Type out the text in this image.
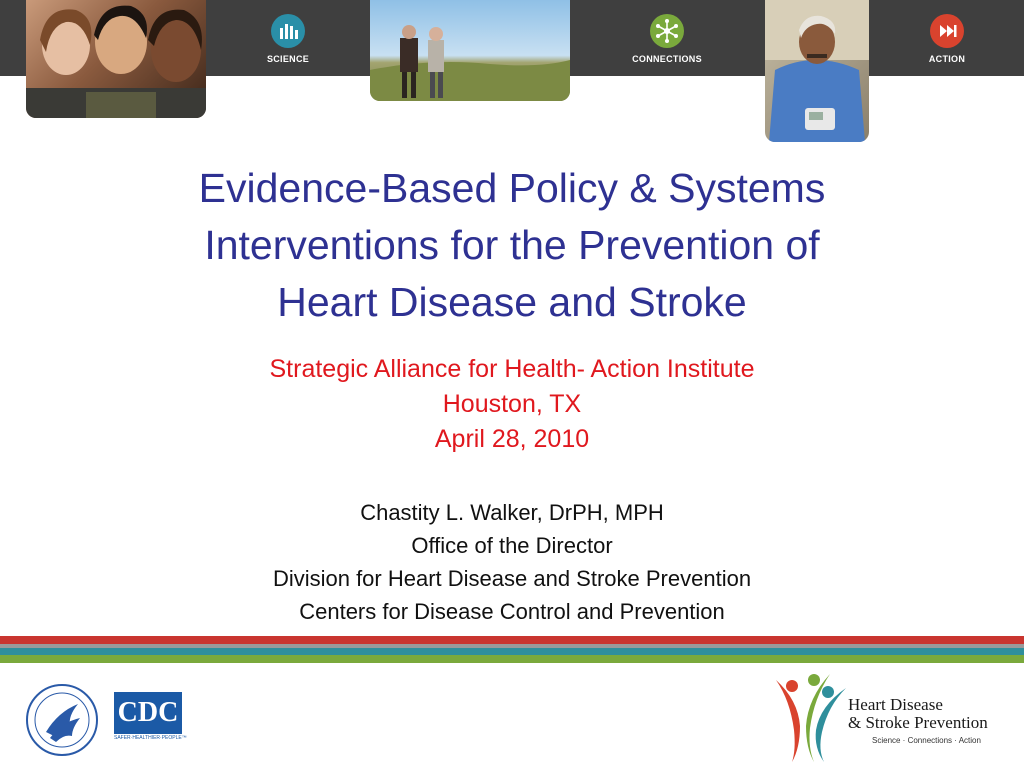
SCIENCE	CONNECTIONS	ACTION
Evidence-Based Policy & Systems
Interventions for the Prevention of
Heart Disease and Stroke
Strategic Alliance for Health- Action Institute
Houston, TX
April 28, 2010
Chastity L. Walker, DrPH, MPH
Office of the Director
Division for Heart Disease and Stroke Prevention
Centers for Disease Control and Prevention
CDC
SAFER·HEALTHIER·PEOPLE™
Heart Disease
& Stroke Prevention
Science · Connections · Action
